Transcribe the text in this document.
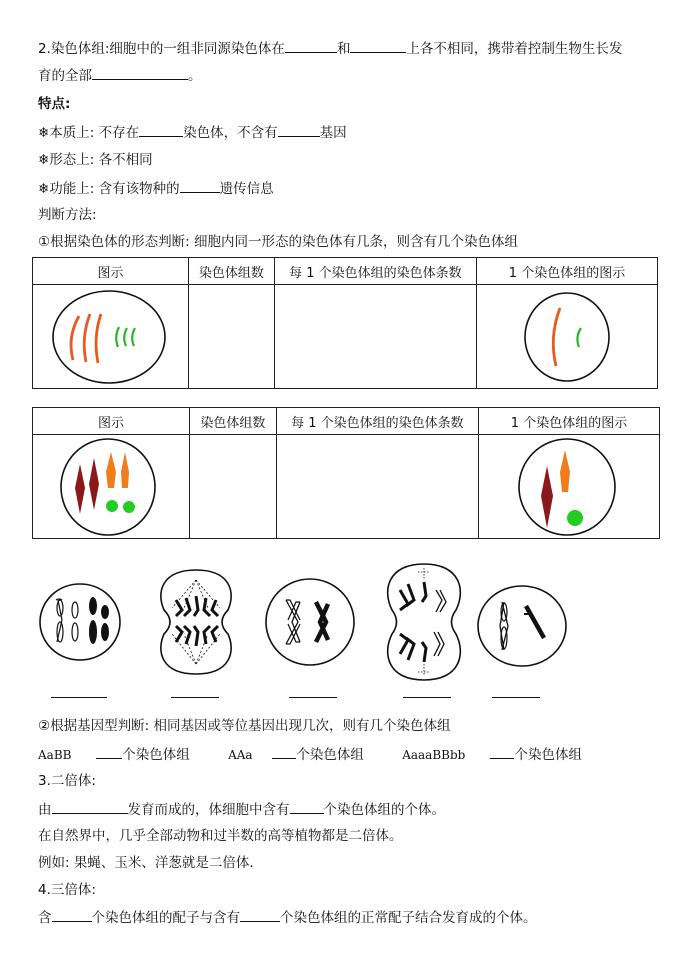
2.染色体组:细胞中的一组非同源染色体在	和	上各不相同，携带着控制生物生长发
育的全部	。
特点:
❄本质上: 不存在	染色体，不含有	基因
❄形态上: 各不相同
❄功能上: 含有该物种的	遗传信息
判断方法:
①根据染色体的形态判断: 细胞内同一形态的染色体有几条，则含有几个染色体组
图示	染色体组数	每 1 个染色体组的染色体条数	1 个染色体组的图示

图示	染色体组数	每 1 个染色体组的染色体条数	1 个染色体组的图示

②根据基因型判断: 相同基因或等位基因出现几次，则有几个染色体组
AaBB	个染色体组	AAa	个染色体组	AaaaBBbb	个染色体组
3.二倍体:
由	发育而成的，体细胞中含有	个染色体组的个体。
在自然界中，几乎全部动物和过半数的高等植物都是二倍体。
例如: 果蝇、玉米、洋葱就是二倍体.
4.三倍体:
含	个染色体组的配子与含有	个染色体组的正常配子结合发育成的个体。
